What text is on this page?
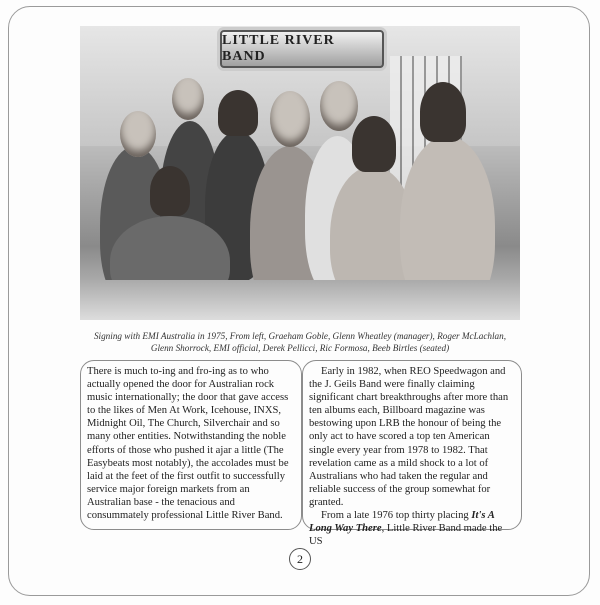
LITTLE RIVER BAND
Signing with EMI Australia in 1975, From left, Graeham Goble, Glenn Wheatley (manager), Roger McLachlan,
Glenn Shorrock, EMI official, Derek Pellicci, Ric Formosa, Beeb Birtles (seated)

There is much to-ing and fro-ing as to who actually opened the door for Australian rock music internationally; the door that gave access to the likes of Men At Work, Icehouse, INXS, Midnight Oil, The Church, Silverchair and so many other entities. Notwithstanding the noble efforts of those who pushed it ajar a little (The Easybeats most notably), the accolades must be laid at the feet of the first outfit to successfully service major foreign markets from an Australian base - the tenacious and consummately professional Little River Band.

Early in 1982, when REO Speedwagon and the J. Geils Band were finally claiming significant chart breakthroughs after more than ten albums each, Billboard magazine was bestowing upon LRB the honour of being the only act to have scored a top ten American single every year from 1978 to 1982. That revelation came as a mild shock to a lot of Australians who had taken the regular and reliable success of the group somewhat for granted.

From a late 1976 top thirty placing It's A Long Way There, Little River Band made the US

2
